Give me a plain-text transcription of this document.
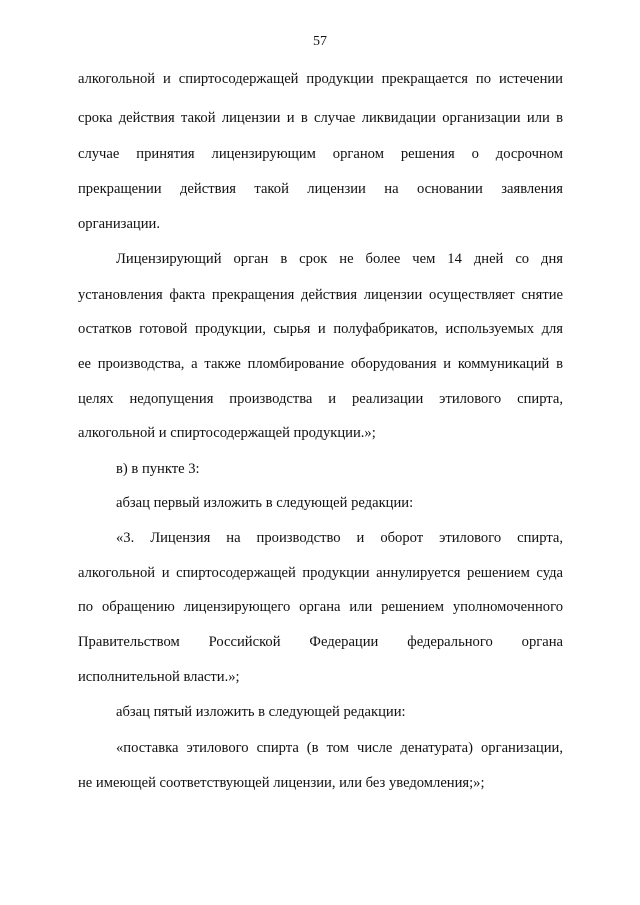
57
алкогольной и спиртосодержащей продукции прекращается по истечении
срока действия такой лицензии и в случае ликвидации организации или в
случае принятия лицензирующим органом решения о досрочном
прекращении действия такой лицензии на основании заявления
организации.
Лицензирующий орган в срок не более чем 14 дней со дня
установления факта прекращения действия лицензии осуществляет снятие
остатков готовой продукции, сырья и полуфабрикатов, используемых для
ее производства, а также пломбирование оборудования и коммуникаций в
целях недопущения производства и реализации этилового спирта,
алкогольной и спиртосодержащей продукции.»;
в) в пункте 3:
абзац первый изложить в следующей редакции:
«3. Лицензия на производство и оборот этилового спирта,
алкогольной и спиртосодержащей продукции аннулируется решением суда
по обращению лицензирующего органа или решением уполномоченного
Правительством Российской Федерации федерального органа
исполнительной власти.»;
абзац пятый изложить в следующей редакции:
«поставка этилового спирта (в том числе денатурата) организации,
не имеющей соответствующей лицензии, или без уведомления;»;
